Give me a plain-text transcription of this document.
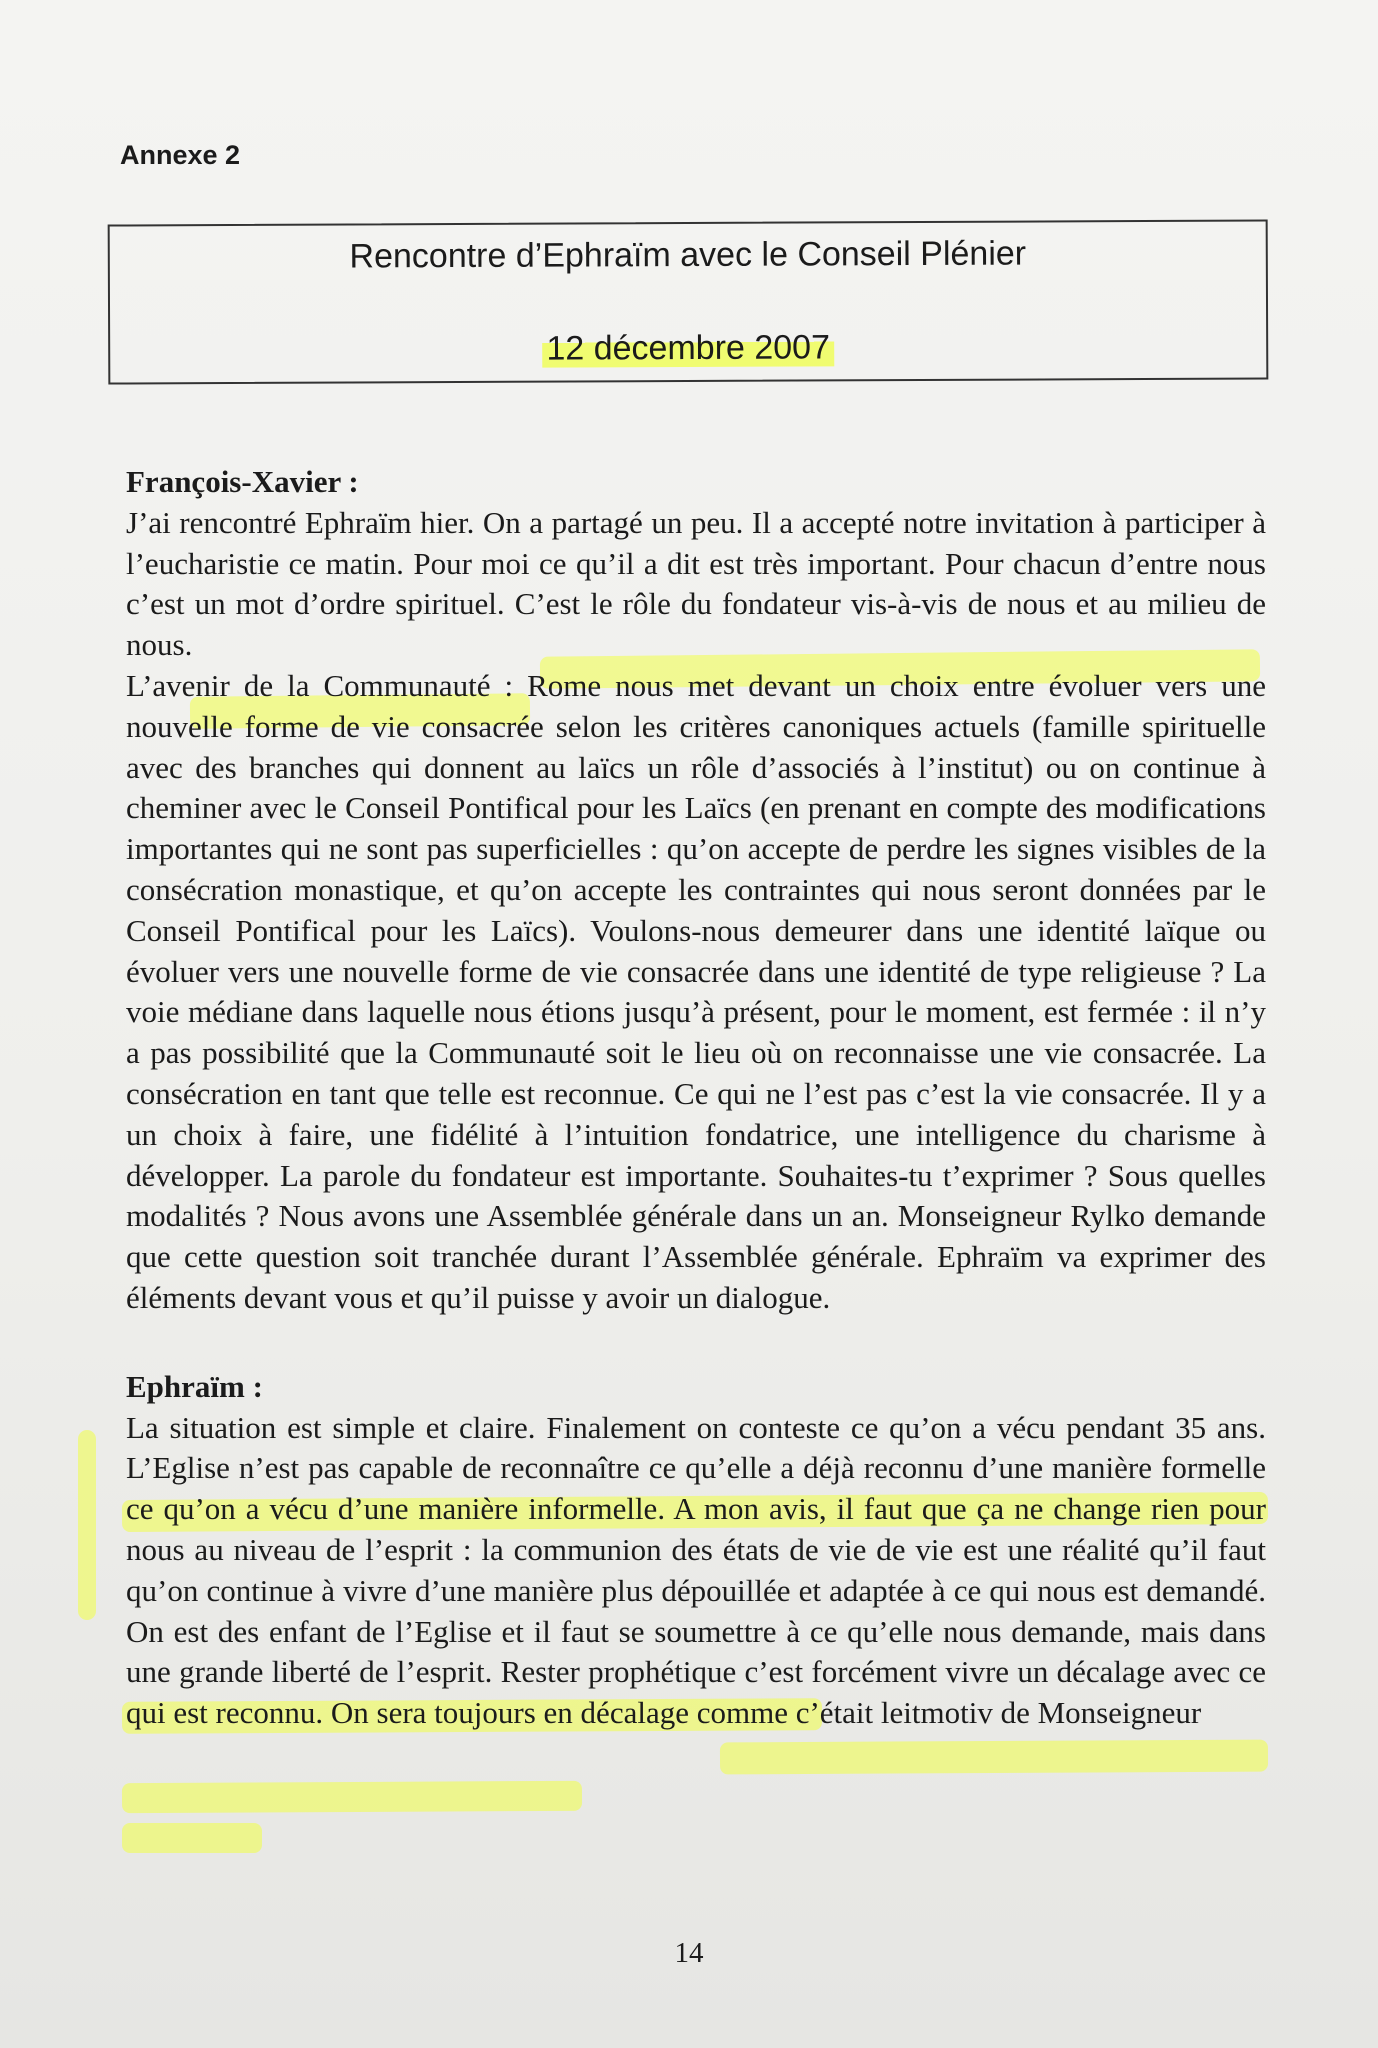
Annexe 2
Rencontre d’Ephraïm avec le Conseil Plénier
12 décembre 2007
François-Xavier :

J’ai rencontré Ephraïm hier. On a partagé un peu. Il a accepté notre invitation à participer à l’eucharistie ce matin. Pour moi ce qu’il a dit est très important. Pour chacun d’entre nous c’est un mot d’ordre spirituel. C’est le rôle du fondateur vis-à-vis de nous et au milieu de nous.

L’avenir de la Communauté : Rome nous met devant un choix entre évoluer vers une nouvelle forme de vie consacrée selon les critères canoniques actuels (famille spirituelle avec des branches qui donnent au laïcs un rôle d’associés à l’institut) ou on continue à cheminer avec le Conseil Pontifical pour les Laïcs (en prenant en compte des modifications importantes qui ne sont pas superficielles : qu’on accepte de perdre les signes visibles de la consécration monastique, et qu’on accepte les contraintes qui nous seront données par le Conseil Pontifical pour les Laïcs). Voulons-nous demeurer dans une identité laïque ou évoluer vers une nouvelle forme de vie consacrée dans une identité de type religieuse ? La voie médiane dans laquelle nous étions jusqu’à présent, pour le moment, est fermée : il n’y a pas possibilité que la Communauté soit le lieu où on reconnaisse une vie consacrée. La consécration en tant que telle est reconnue. Ce qui ne l’est pas c’est la vie consacrée. Il y a un choix à faire, une fidélité à l’intuition fondatrice, une intelligence du charisme à développer. La parole du fondateur est importante. Souhaites-tu t’exprimer ? Sous quelles modalités ? Nous avons une Assemblée générale dans un an. Monseigneur Rylko demande que cette question soit tranchée durant l’Assemblée générale. Ephraïm va exprimer des éléments devant vous et qu’il puisse y avoir un dialogue.

Ephraïm :

La situation est simple et claire. Finalement on conteste ce qu’on a vécu pendant 35 ans. L’Eglise n’est pas capable de reconnaître ce qu’elle a déjà reconnu d’une manière formelle ce qu’on a vécu d’une manière informelle. A mon avis, il faut que ça ne change rien pour nous au niveau de l’esprit : la communion des états de vie de vie est une réalité qu’il faut qu’on continue à vivre d’une manière plus dépouillée et adaptée à ce qui nous est demandé. On est des enfant de l’Eglise et il faut se soumettre à ce qu’elle nous demande, mais dans une grande liberté de l’esprit. Rester prophétique c’est forcément vivre un décalage avec ce qui est reconnu. On sera toujours en décalage comme c’était leitmotiv de Monseigneur

14
